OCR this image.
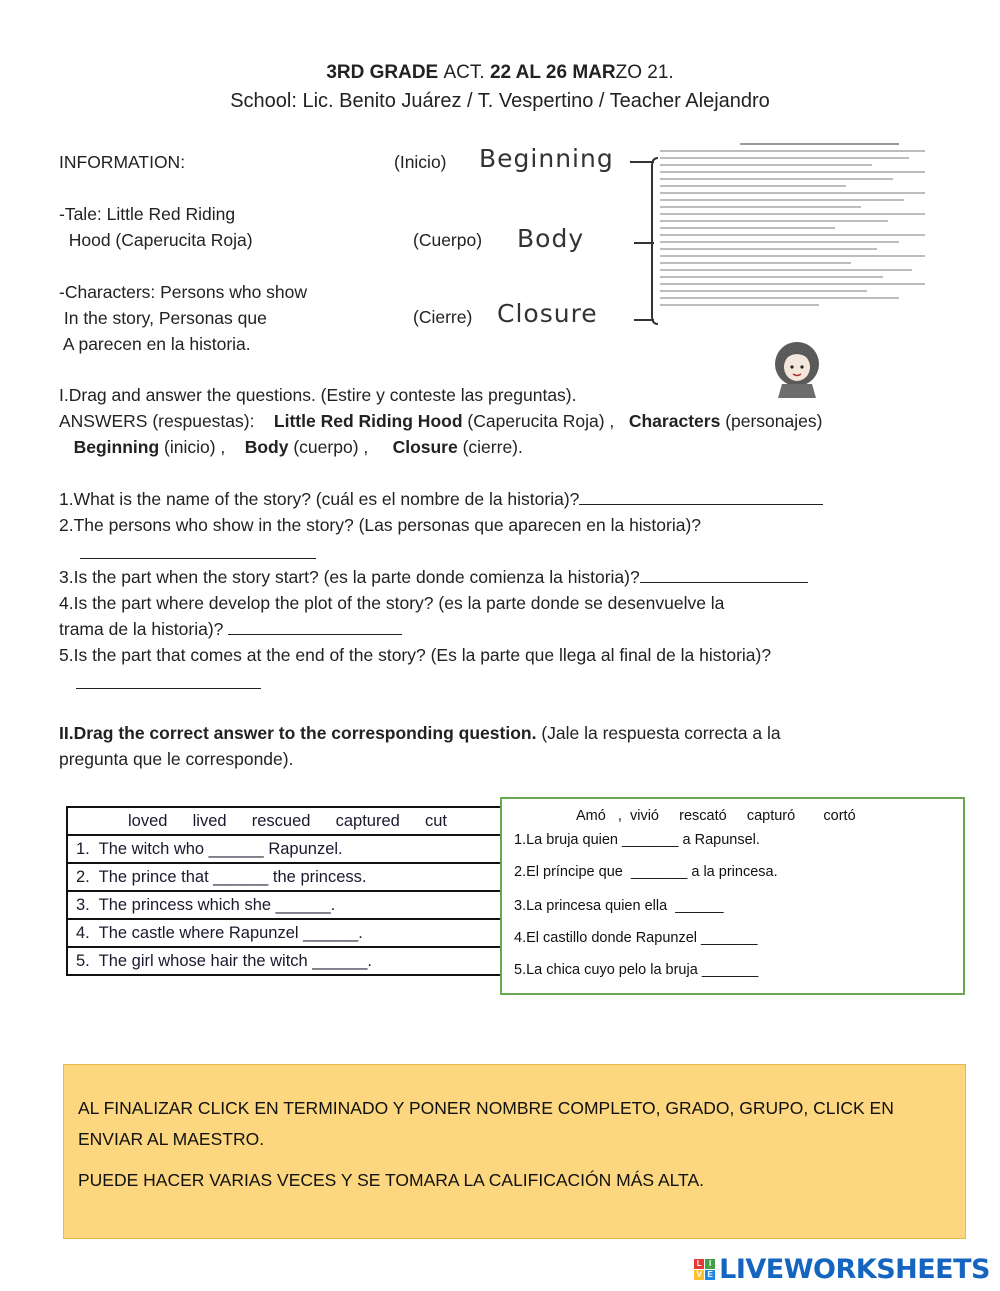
3RD GRADE ACT. 22 AL 26 MARZO 21.
School: Lic. Benito Juárez / T. Vespertino / Teacher Alejandro
INFORMATION:
-Tale: Little Red Riding
Hood (Caperucita Roja)
-Characters: Persons who show
In the story, Personas que
A parecen en la historia.
(Inicio) Beginning
(Cuerpo) Body
(Cierre) Closure
I.Drag and answer the questions. (Estire y conteste las preguntas).
ANSWERS (respuestas): Little Red Riding Hood (Caperucita Roja) , Characters (personajes)
Beginning (inicio) , Body (cuerpo) , Closure (cierre).
1.What is the name of the story? (cuál es el nombre de la historia)?
2.The persons who show in the story? (Las personas que aparecen en la historia)?
3.Is the part when the story start? (es la parte donde comienza la historia)?
4.Is the part where develop the plot of the story? (es la parte donde se desenvuelve la
trama de la historia)?
5.Is the part that comes at the end of the story? (Es la parte que llega al final de la historia)?
II.Drag the correct answer to the corresponding question. (Jale la respuesta correcta a la
pregunta que le corresponde).
loved  lived  rescued  captured  cut
1.  The witch who ______ Rapunzel.
2.  The prince that ______ the princess.
3.  The princess which she ______.
4.  The castle where Rapunzel ______.
5.  The girl whose hair the witch ______.
Amó   ,  vivió     rescató     capturó       cortó
1.La bruja quien _______ a Rapunsel.
2.El príncipe que  _______ a la princesa.
3.La princesa quien ella  ______
4.El castillo donde Rapunzel _______
5.La chica cuyo pelo la bruja _______

AL FINALIZAR CLICK EN TERMINADO Y PONER NOMBRE COMPLETO, GRADO, GRUPO, CLICK EN ENVIAR AL MAESTRO.

PUEDE HACER VARIAS VECES Y SE TOMARA LA CALIFICACIÓN MÁS ALTA.

L I
V E LIVEWORKSHEETS
